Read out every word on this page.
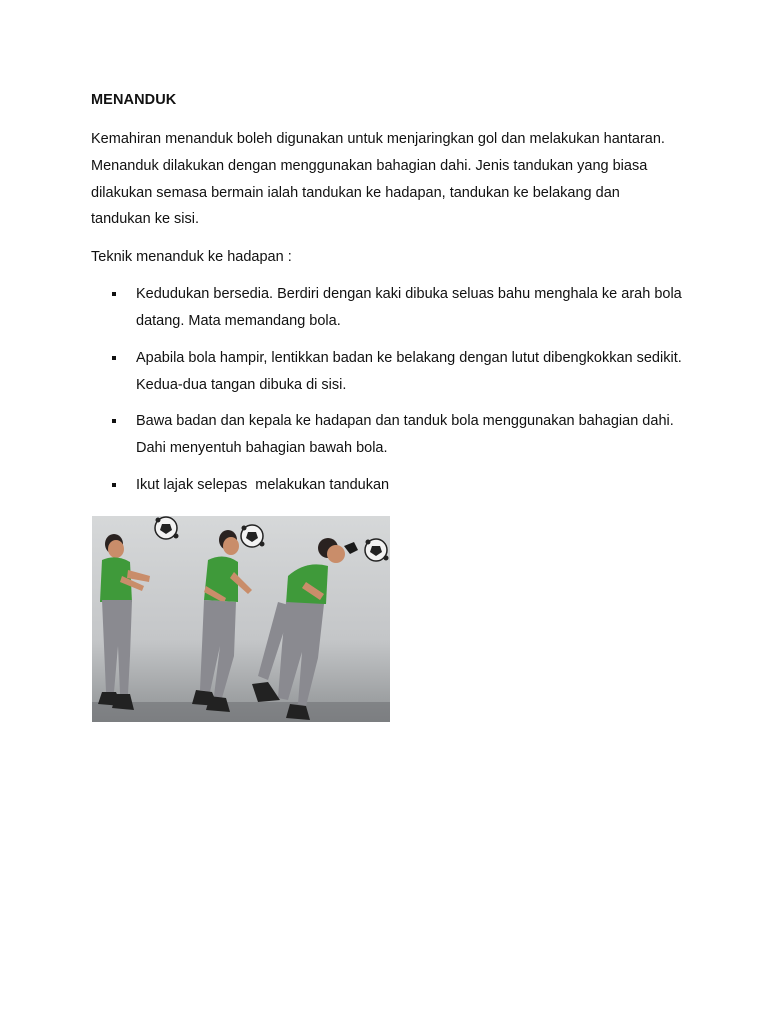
MENANDUK

Kemahiran menanduk boleh digunakan untuk menjaringkan gol dan melakukan hantaran. Menanduk dilakukan dengan menggunakan bahagian dahi. Jenis tandukan yang biasa dilakukan semasa bermain ialah tandukan ke hadapan, tandukan ke belakang dan tandukan ke sisi.

Teknik menanduk ke hadapan :

Kedudukan bersedia. Berdiri dengan kaki dibuka seluas bahu menghala ke arah bola datang. Mata memandang bola.
Apabila bola hampir, lentikkan badan ke belakang dengan lutut dibengkokkan sedikit. Kedua-dua tangan dibuka di sisi.
Bawa badan dan kepala ke hadapan dan tanduk bola menggunakan bahagian dahi. Dahi menyentuh bahagian bawah bola.
Ikut lajak selepas  melakukan tandukan
